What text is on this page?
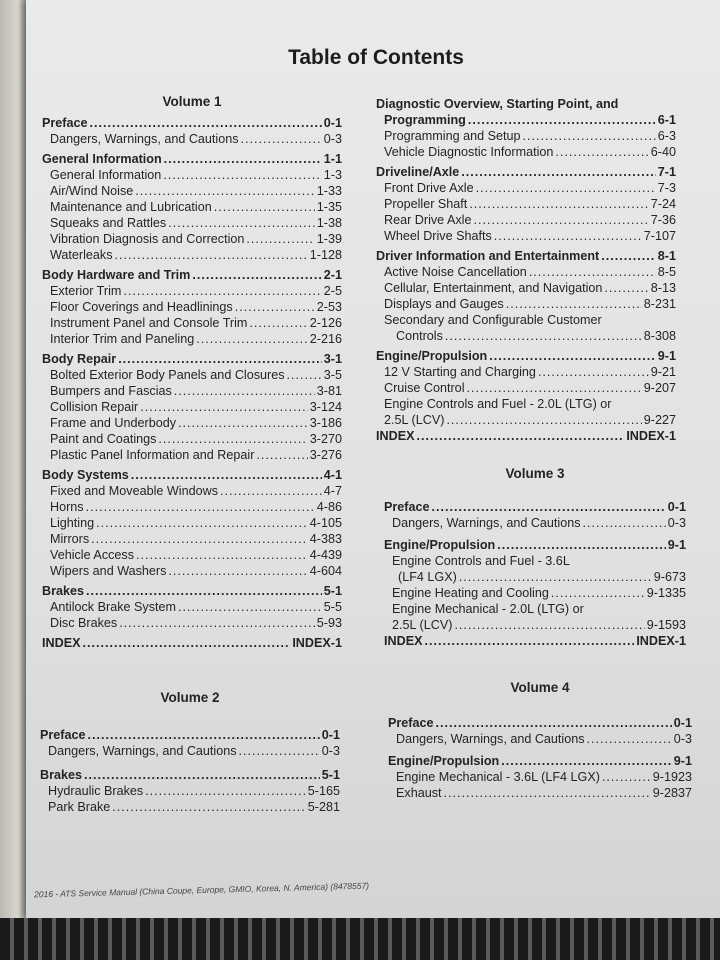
Table of Contents
Volume 1
Preface .....	0-1
Dangers, Warnings, and Cautions .....	0-3
General Information .....	1-1
General Information .....	1-3
Air/Wind Noise .....	1-33
Maintenance and Lubrication .....	1-35
Squeaks and Rattles .....	1-38
Vibration Diagnosis and Correction .....	1-39
Waterleaks .....	1-128
Body Hardware and Trim .....	2-1
Exterior Trim .....	2-5
Floor Coverings and Headlinings .....	2-53
Instrument Panel and Console Trim .....	2-126
Interior Trim and Paneling .....	2-216
Body Repair .....	3-1
Bolted Exterior Body Panels and Closures .....	3-5
Bumpers and Fascias .....	3-81
Collision Repair .....	3-124
Frame and Underbody .....	3-186
Paint and Coatings .....	3-270
Plastic Panel Information and Repair .....	3-276
Body Systems .....	4-1
Fixed and Moveable Windows .....	4-7
Horns .....	4-86
Lighting .....	4-105
Mirrors .....	4-383
Vehicle Access .....	4-439
Wipers and Washers .....	4-604
Brakes .....	5-1
Antilock Brake System .....	5-5
Disc Brakes .....	5-93
INDEX .....	INDEX-1
Volume 2
Preface .....	0-1
Dangers, Warnings, and Cautions .....	0-3
Brakes .....	5-1
Hydraulic Brakes .....	5-165
Park Brake .....	5-281
Diagnostic Overview, Starting Point, and
Programming .....	6-1
Programming and Setup .....	6-3
Vehicle Diagnostic Information .....	6-40
Driveline/Axle .....	7-1
Front Drive Axle .....	7-3
Propeller Shaft .....	7-24
Rear Drive Axle .....	7-36
Wheel Drive Shafts .....	7-107
Driver Information and Entertainment .....	8-1
Active Noise Cancellation .....	8-5
Cellular, Entertainment, and Navigation .....	8-13
Displays and Gauges .....	8-231
Secondary and Configurable Customer
Controls .....	8-308
Engine/Propulsion .....	9-1
12 V Starting and Charging .....	9-21
Cruise Control .....	9-207
Engine Controls and Fuel - 2.0L (LTG) or
2.5L (LCV) .....	9-227
INDEX .....	INDEX-1
Volume 3
Preface .....	0-1
Dangers, Warnings, and Cautions .....	0-3
Engine/Propulsion .....	9-1
Engine Controls and Fuel - 3.6L
(LF4 LGX) .....	9-673
Engine Heating and Cooling .....	9-1335
Engine Mechanical - 2.0L (LTG) or
2.5L (LCV) .....	9-1593
INDEX .....	INDEX-1
Volume 4
Preface .....	0-1
Dangers, Warnings, and Cautions .....	0-3
Engine/Propulsion .....	9-1
Engine Mechanical - 3.6L (LF4 LGX) .....	9-1923
Exhaust .....	9-2837
2016 - ATS Service Manual (China Coupe, Europe, GMIO, Korea, N. America) (8478557)
